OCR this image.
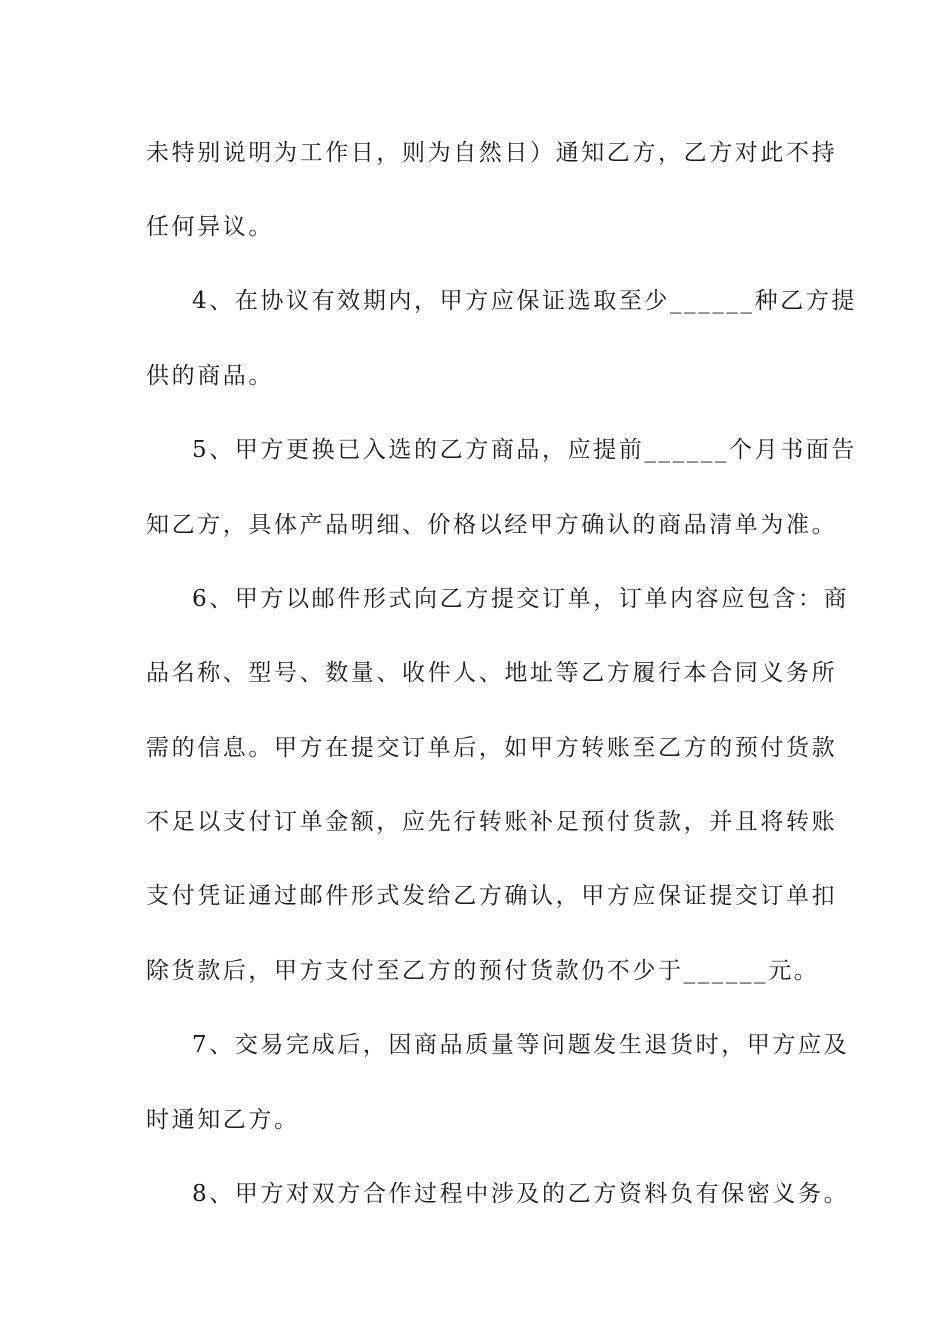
未特别说明为工作日，则为自然日）通知乙方，乙方对此不持
任何异议。
4、在协议有效期内，甲方应保证选取至少______种乙方提
供的商品。
5、甲方更换已入选的乙方商品，应提前______个月书面告
知乙方，具体产品明细、价格以经甲方确认的商品清单为准。
6、甲方以邮件形式向乙方提交订单，订单内容应包含：商
品名称、型号、数量、收件人、地址等乙方履行本合同义务所
需的信息。甲方在提交订单后，如甲方转账至乙方的预付货款
不足以支付订单金额，应先行转账补足预付货款，并且将转账
支付凭证通过邮件形式发给乙方确认，甲方应保证提交订单扣
除货款后，甲方支付至乙方的预付货款仍不少于______元。
7、交易完成后，因商品质量等问题发生退货时，甲方应及
时通知乙方。
8、甲方对双方合作过程中涉及的乙方资料负有保密义务。
